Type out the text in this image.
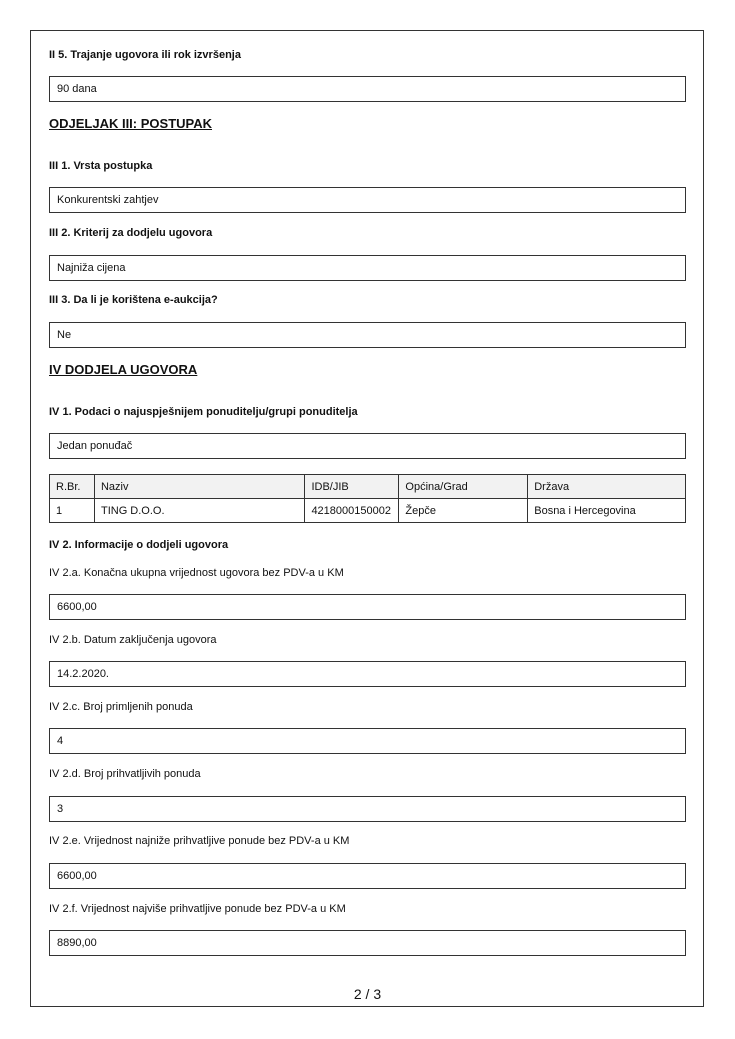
II 5. Trajanje ugovora ili rok izvršenja
90 dana
ODJELJAK III: POSTUPAK
III 1. Vrsta postupka
Konkurentski zahtjev
III 2. Kriterij za dodjelu ugovora
Najniža cijena
III 3. Da li je korištena e-aukcija?
Ne
IV DODJELA UGOVORA
IV 1. Podaci o najuspješnijem ponuditelju/grupi ponuditelja
Jedan ponuđač
R.Br.	Naziv	IDB/JIB	Općina/Grad	Država
1	TING D.O.O.	4218000150002	Žepče	Bosna i Hercegovina
IV 2. Informacije o dodjeli ugovora
IV 2.a. Konačna ukupna vrijednost ugovora bez PDV-a u KM
6600,00
IV 2.b. Datum zaključenja ugovora
14.2.2020.
IV 2.c. Broj primljenih ponuda
4
IV 2.d. Broj prihvatljivih ponuda
3
IV 2.e. Vrijednost najniže prihvatljive ponude bez PDV-a u KM
6600,00
IV 2.f. Vrijednost najviše prihvatljive ponude bez PDV-a u KM
8890,00
2 / 3
